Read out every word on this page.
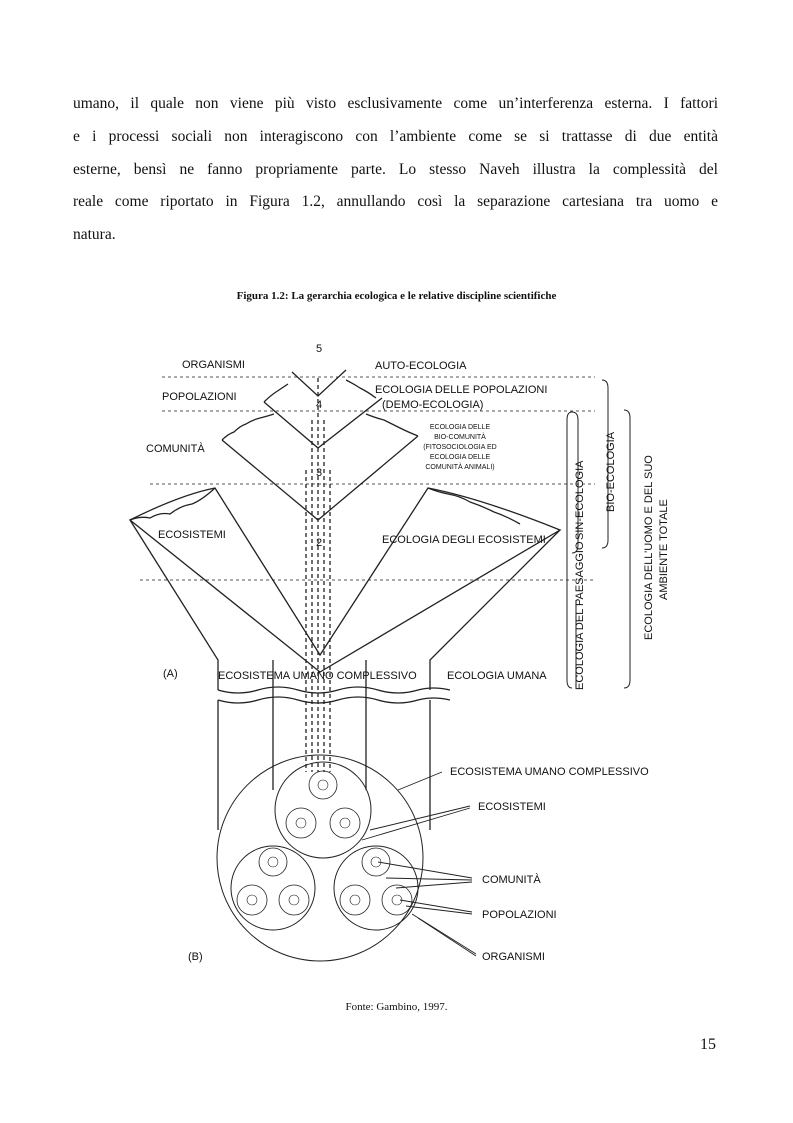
umano, il quale non viene più visto esclusivamente come un’interferenza esterna. I fattori
e i processi sociali non interagiscono con l’ambiente come se si trattasse di due entità
esterne, bensì ne fanno propriamente parte. Lo stesso Naveh illustra la complessità del
reale come riportato in Figura 1.2, annullando così la separazione cartesiana tra uomo e
natura.

Figura 1.2: La gerarchia ecologica e le relative discipline scientifiche
ORGANISMI
POPOLAZIONI
COMUNITÀ
ECOSISTEMI
5
4
3
2
AUTO-ECOLOGIA
ECOLOGIA DELLE POPOLAZIONI
(DEMO-ECOLOGIA)
ECOLOGIA DELLE
BIO-COMUNITÀ
(FITOSOCIOLOGIA ED
ECOLOGIA DELLE
COMUNITÀ ANIMALI)
ECOLOGIA DEGLI ECOSISTEMI	SIN-ECOLOGIA BIO-ECOLOGIA
ECOLOGIA DEL PAESAGGIO	ECOLOGIA DELL’UOMO E DEL SUO AMBIENTE TOTALE
(A)	ECOSISTEMA UMANO COMPLESSIVO	ECOLOGIA UMANA
ECOSISTEMA UMANO COMPLESSIVO
ECOSISTEMI
COMUNITÀ
POPOLAZIONI
ORGANISMI
(B)
Fonte: Gambino, 1997.
15
